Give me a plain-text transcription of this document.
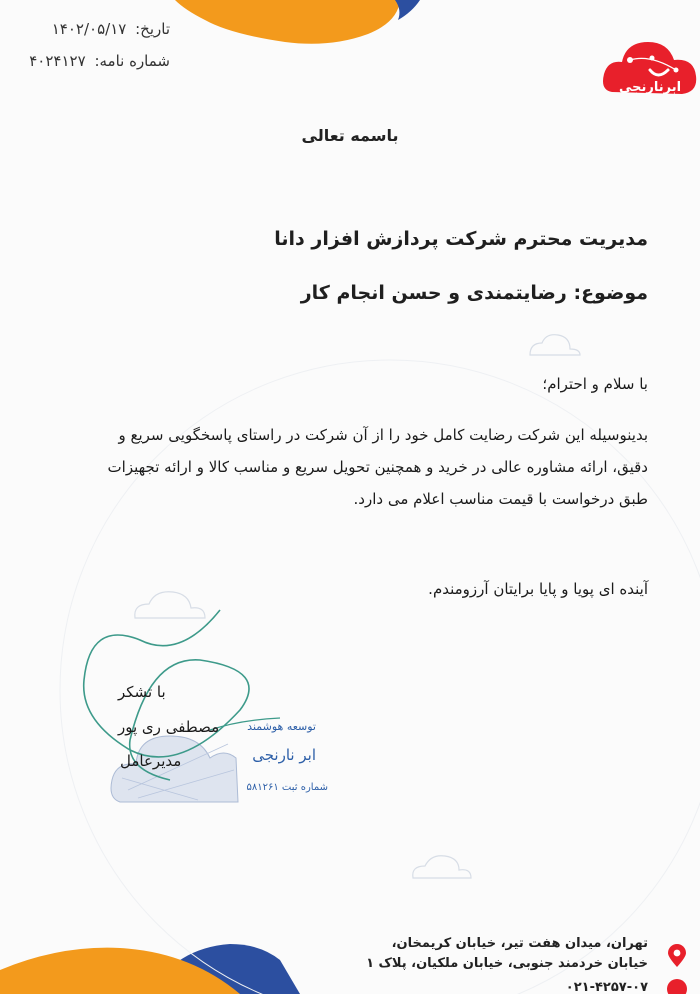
ابرنارنجی
تاریخ: ۱۴۰۲/۰۵/۱۷
شماره نامه: ۴۰۲۴۱۲۷
باسمه تعالی
مدیریت محترم شرکت پردازش افزار دانا
موضوع: رضایتمندی و حسن انجام کار
با سلام و احترام؛
بدینوسیله این شرکت رضایت کامل خود را از آن شرکت در راستای پاسخگویی سریع و
دقیق، ارائه مشاوره عالی در خرید و همچنین تحویل سریع و مناسب کالا و ارائه تجهیزات
طبق درخواست با قیمت مناسب اعلام می دارد.
آینده ای پویا و پایا برایتان آرزومندم.
توسعه هوشمند
ابر نارنجی
شماره ثبت ۵۸۱۲۶۱
با تشکر
مصطفی ری پور
مدیرعامل
تهران، میدان هفت تیر، خیابان کریمخان،
خیابان خردمند جنوبی، خیابان ملکیان، پلاک ۱
۰۲۱-۴۲۵۷-۰۷
